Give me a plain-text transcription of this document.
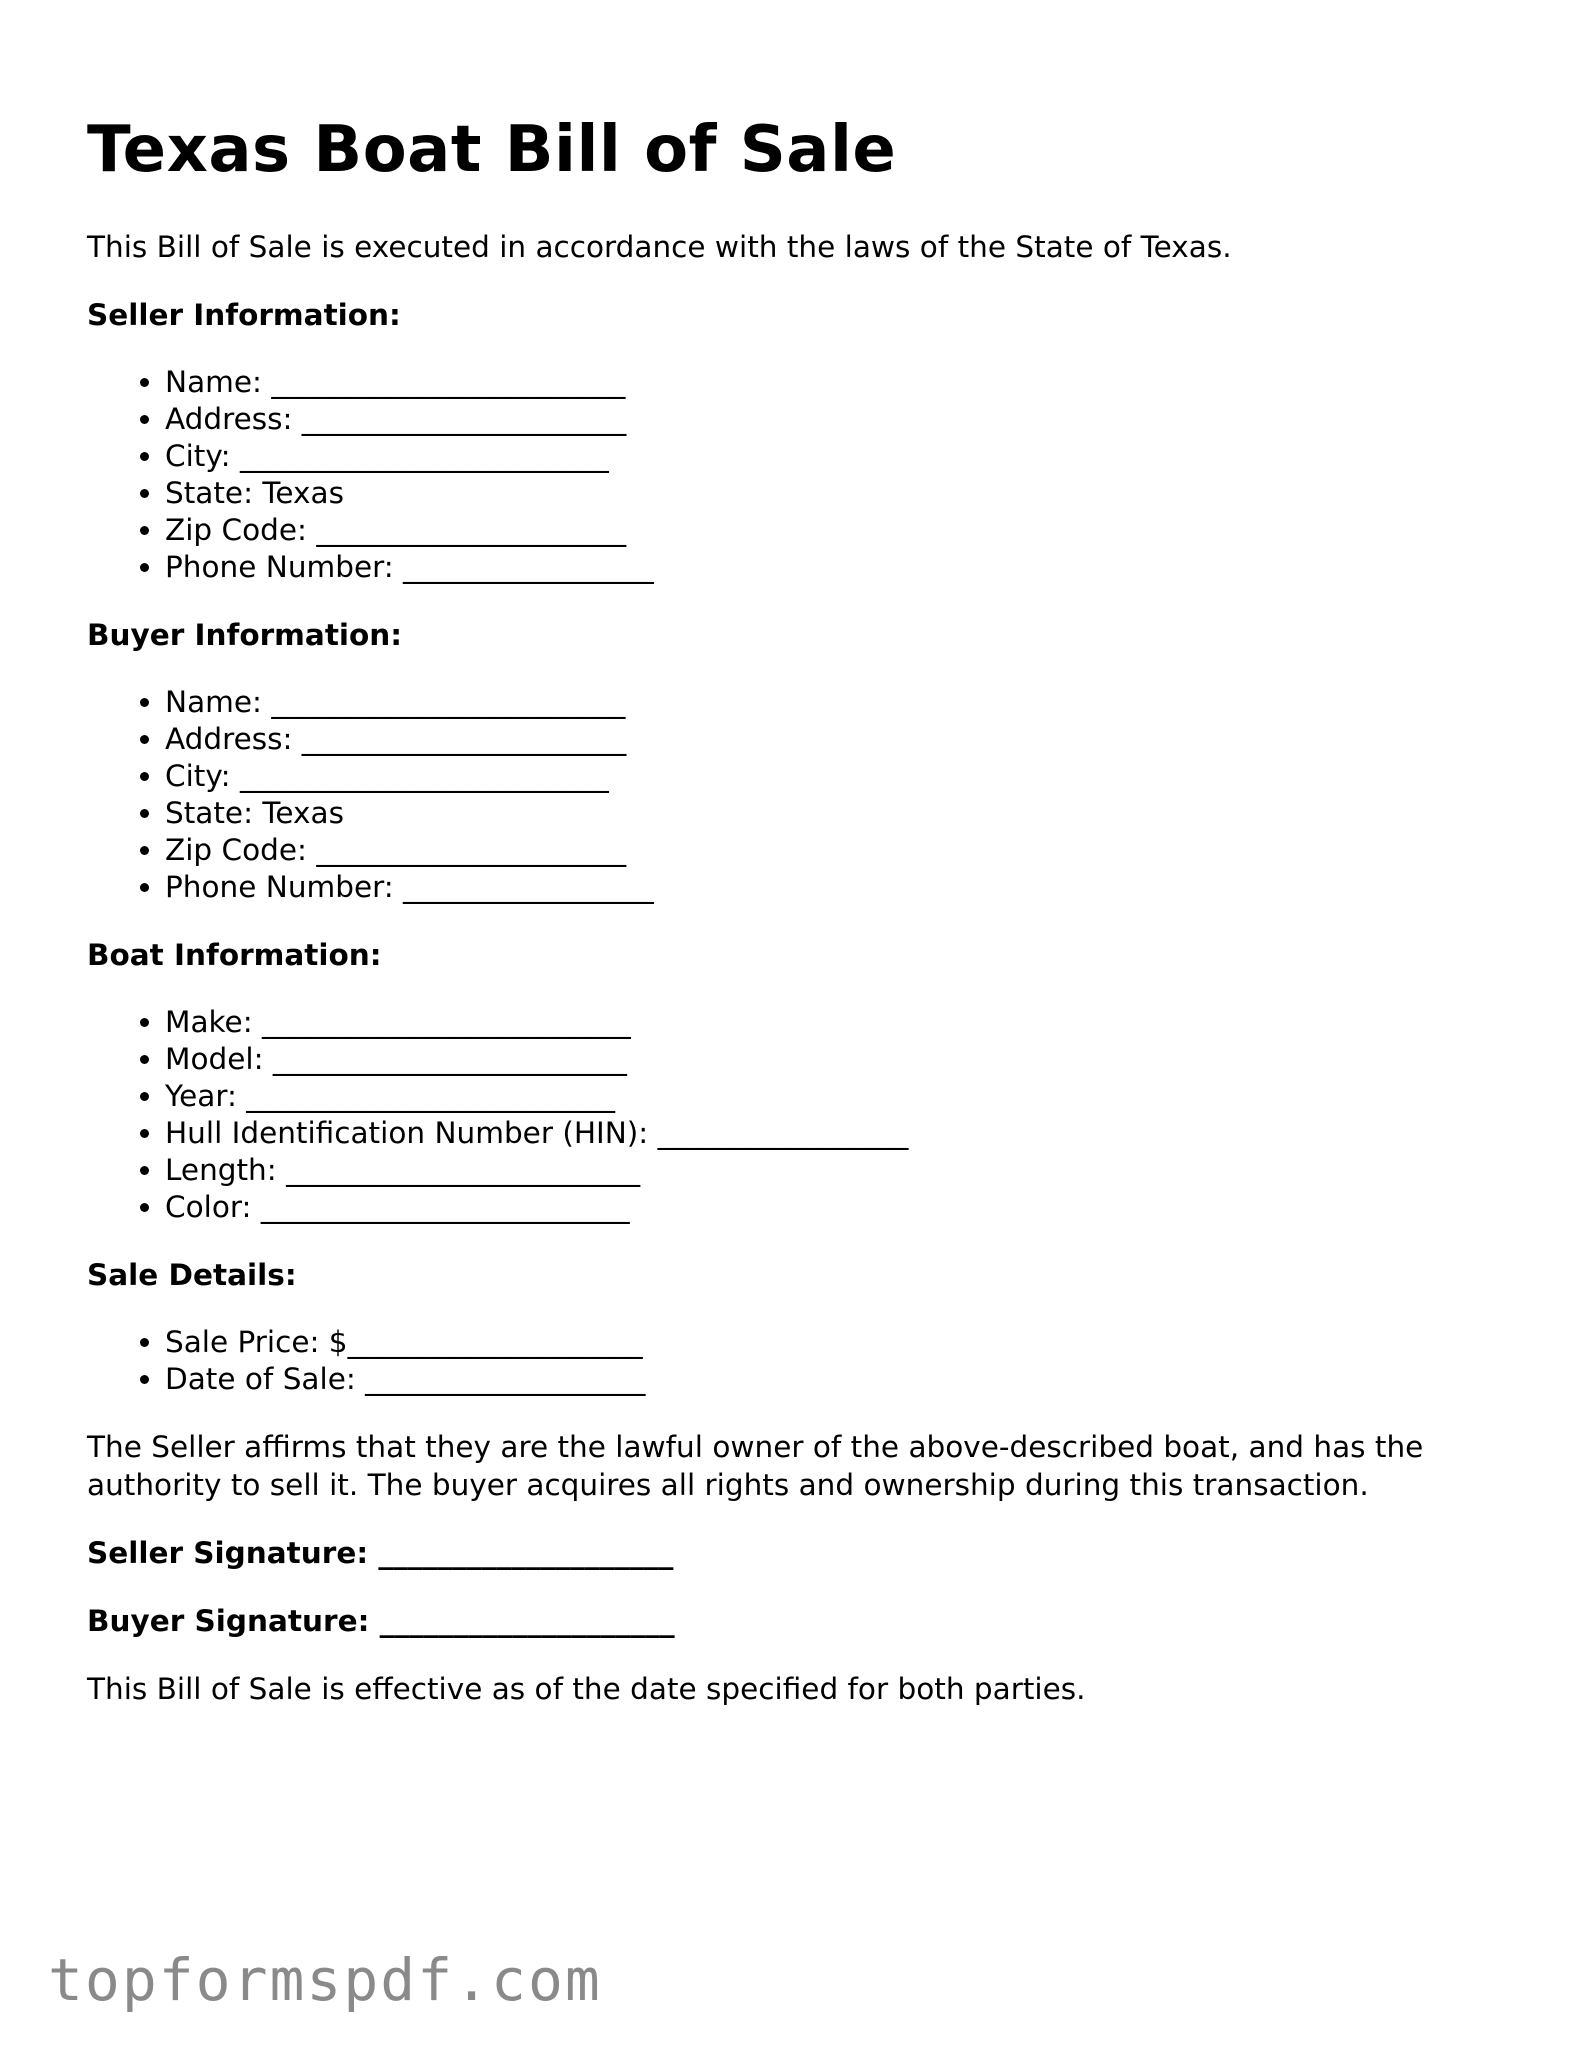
Texas Boat Bill of Sale

This Bill of Sale is executed in accordance with the laws of the State of Texas.

Seller Information:
• Name: ________________________
• Address: ______________________
• City: _________________________
• State: Texas
• Zip Code: _____________________
• Phone Number: _________________
Buyer Information:
• Name: ________________________
• Address: ______________________
• City: _________________________
• State: Texas
• Zip Code: _____________________
• Phone Number: _________________
Boat Information:
• Make: _________________________
• Model: ________________________
• Year: _________________________
• Hull Identification Number (HIN): _________________
• Length: ________________________
• Color: _________________________
Sale Details:
• Sale Price: $____________________
• Date of Sale: ___________________

The Seller affirms that they are the lawful owner of the above-described boat, and has the authority to sell it. The buyer acquires all rights and ownership during this transaction.

Seller Signature: ____________________
Buyer Signature: ____________________

This Bill of Sale is effective as of the date specified for both parties.

topformspdf.com
